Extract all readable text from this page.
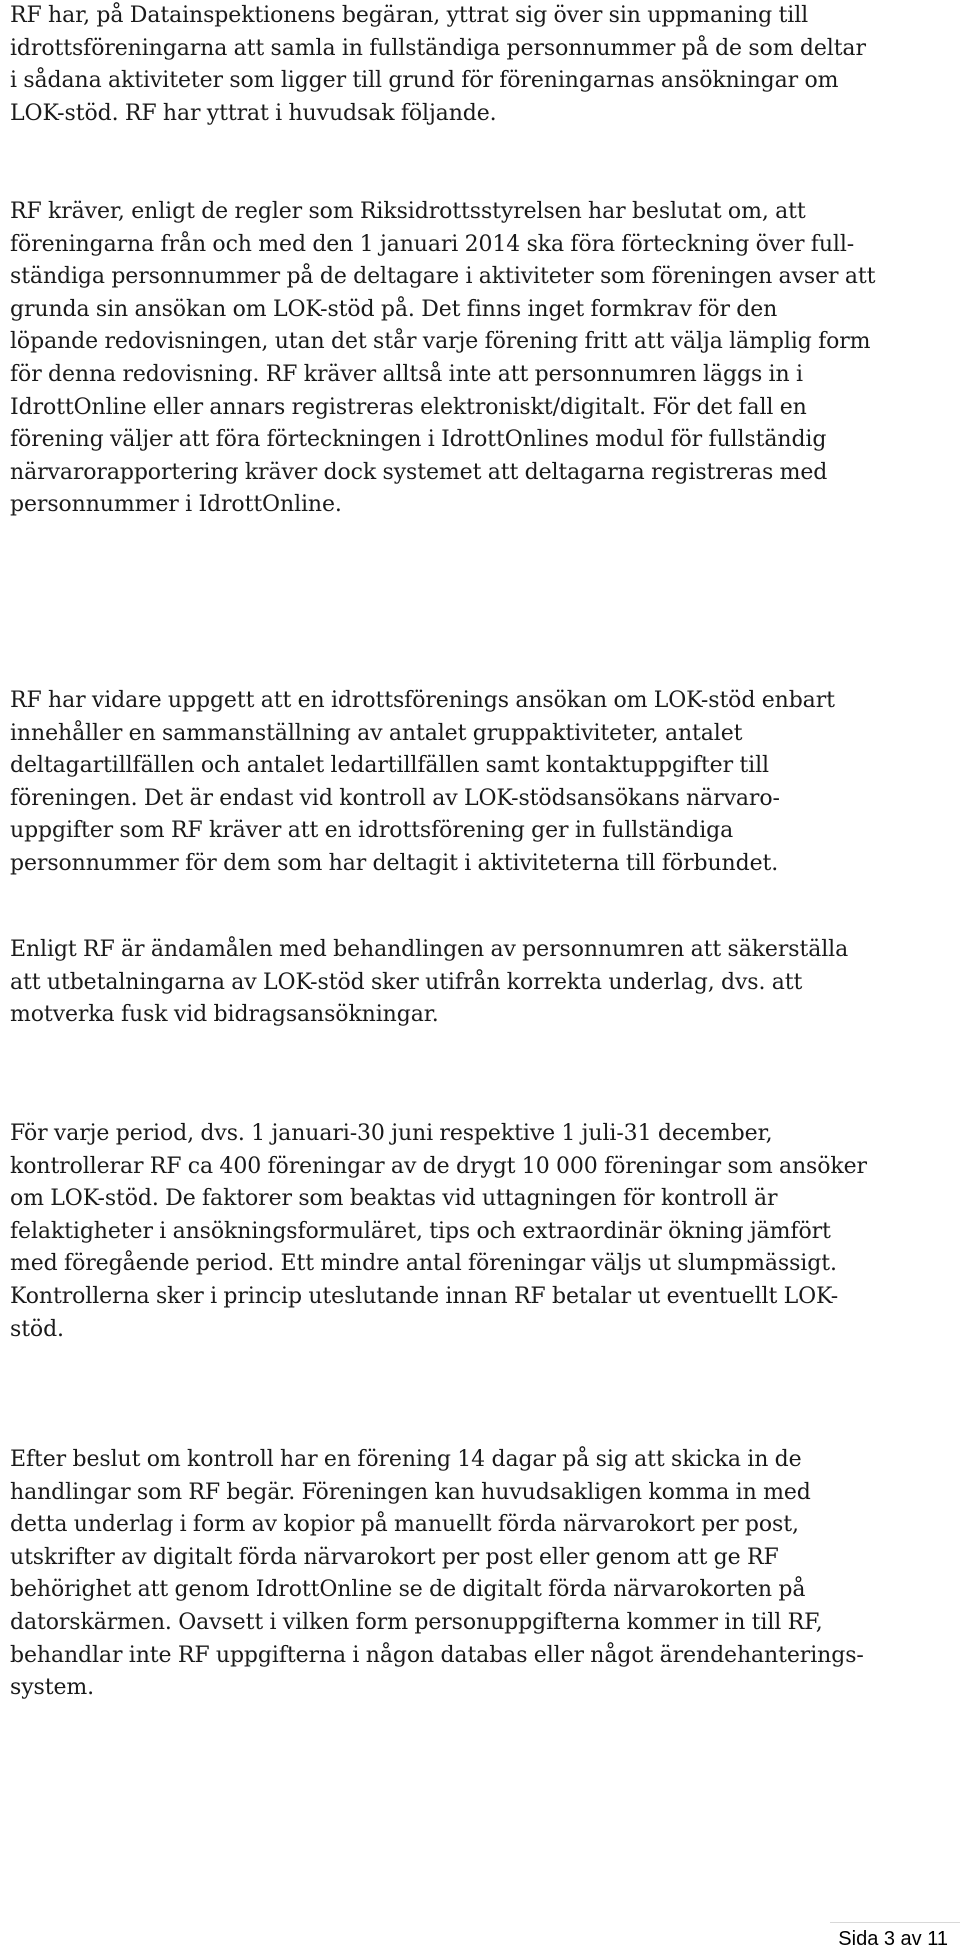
RF har, på Datainspektionens begäran, yttrat sig över sin uppmaning till
idrottsföreningarna att samla in fullständiga personnummer på de som deltar
i sådana aktiviteter som ligger till grund för föreningarnas ansökningar om
LOK-stöd. RF har yttrat i huvudsak följande.

RF kräver, enligt de regler som Riksidrottsstyrelsen har beslutat om, att
föreningarna från och med den 1 januari 2014 ska föra förteckning över full-
ständiga personnummer på de deltagare i aktiviteter som föreningen avser att
grunda sin ansökan om LOK-stöd på. Det finns inget formkrav för den
löpande redovisningen, utan det står varje förening fritt att välja lämplig form
för denna redovisning. RF kräver alltså inte att personnumren läggs in i
IdrottOnline eller annars registreras elektroniskt/digitalt. För det fall en
förening väljer att föra förteckningen i IdrottOnlines modul för fullständig
närvarorapportering kräver dock systemet att deltagarna registreras med
personnummer i IdrottOnline.

RF har vidare uppgett att en idrottsförenings ansökan om LOK-stöd enbart
innehåller en sammanställning av antalet gruppaktiviteter, antalet
deltagartillfällen och antalet ledartillfällen samt kontaktuppgifter till
föreningen. Det är endast vid kontroll av LOK-stödsansökans närvaro-
uppgifter som RF kräver att en idrottsförening ger in fullständiga
personnummer för dem som har deltagit i aktiviteterna till förbundet.

Enligt RF är ändamålen med behandlingen av personnumren att säkerställa
att utbetalningarna av LOK-stöd sker utifrån korrekta underlag, dvs. att
motverka fusk vid bidragsansökningar.

För varje period, dvs. 1 januari-30 juni respektive 1 juli-31 december,
kontrollerar RF ca 400 föreningar av de drygt 10 000 föreningar som ansöker
om LOK-stöd. De faktorer som beaktas vid uttagningen för kontroll är
felaktigheter i ansökningsformuläret, tips och extraordinär ökning jämfört
med föregående period. Ett mindre antal föreningar väljs ut slumpmässigt.
Kontrollerna sker i princip uteslutande innan RF betalar ut eventuellt LOK-
stöd.

Efter beslut om kontroll har en förening 14 dagar på sig att skicka in de
handlingar som RF begär. Föreningen kan huvudsakligen komma in med
detta underlag i form av kopior på manuellt förda närvarokort per post,
utskrifter av digitalt förda närvarokort per post eller genom att ge RF
behörighet att genom IdrottOnline se de digitalt förda närvarokorten på
datorskärmen. Oavsett i vilken form personuppgifterna kommer in till RF,
behandlar inte RF uppgifterna i någon databas eller något ärendehanterings-
system.

Sida 3 av 11
